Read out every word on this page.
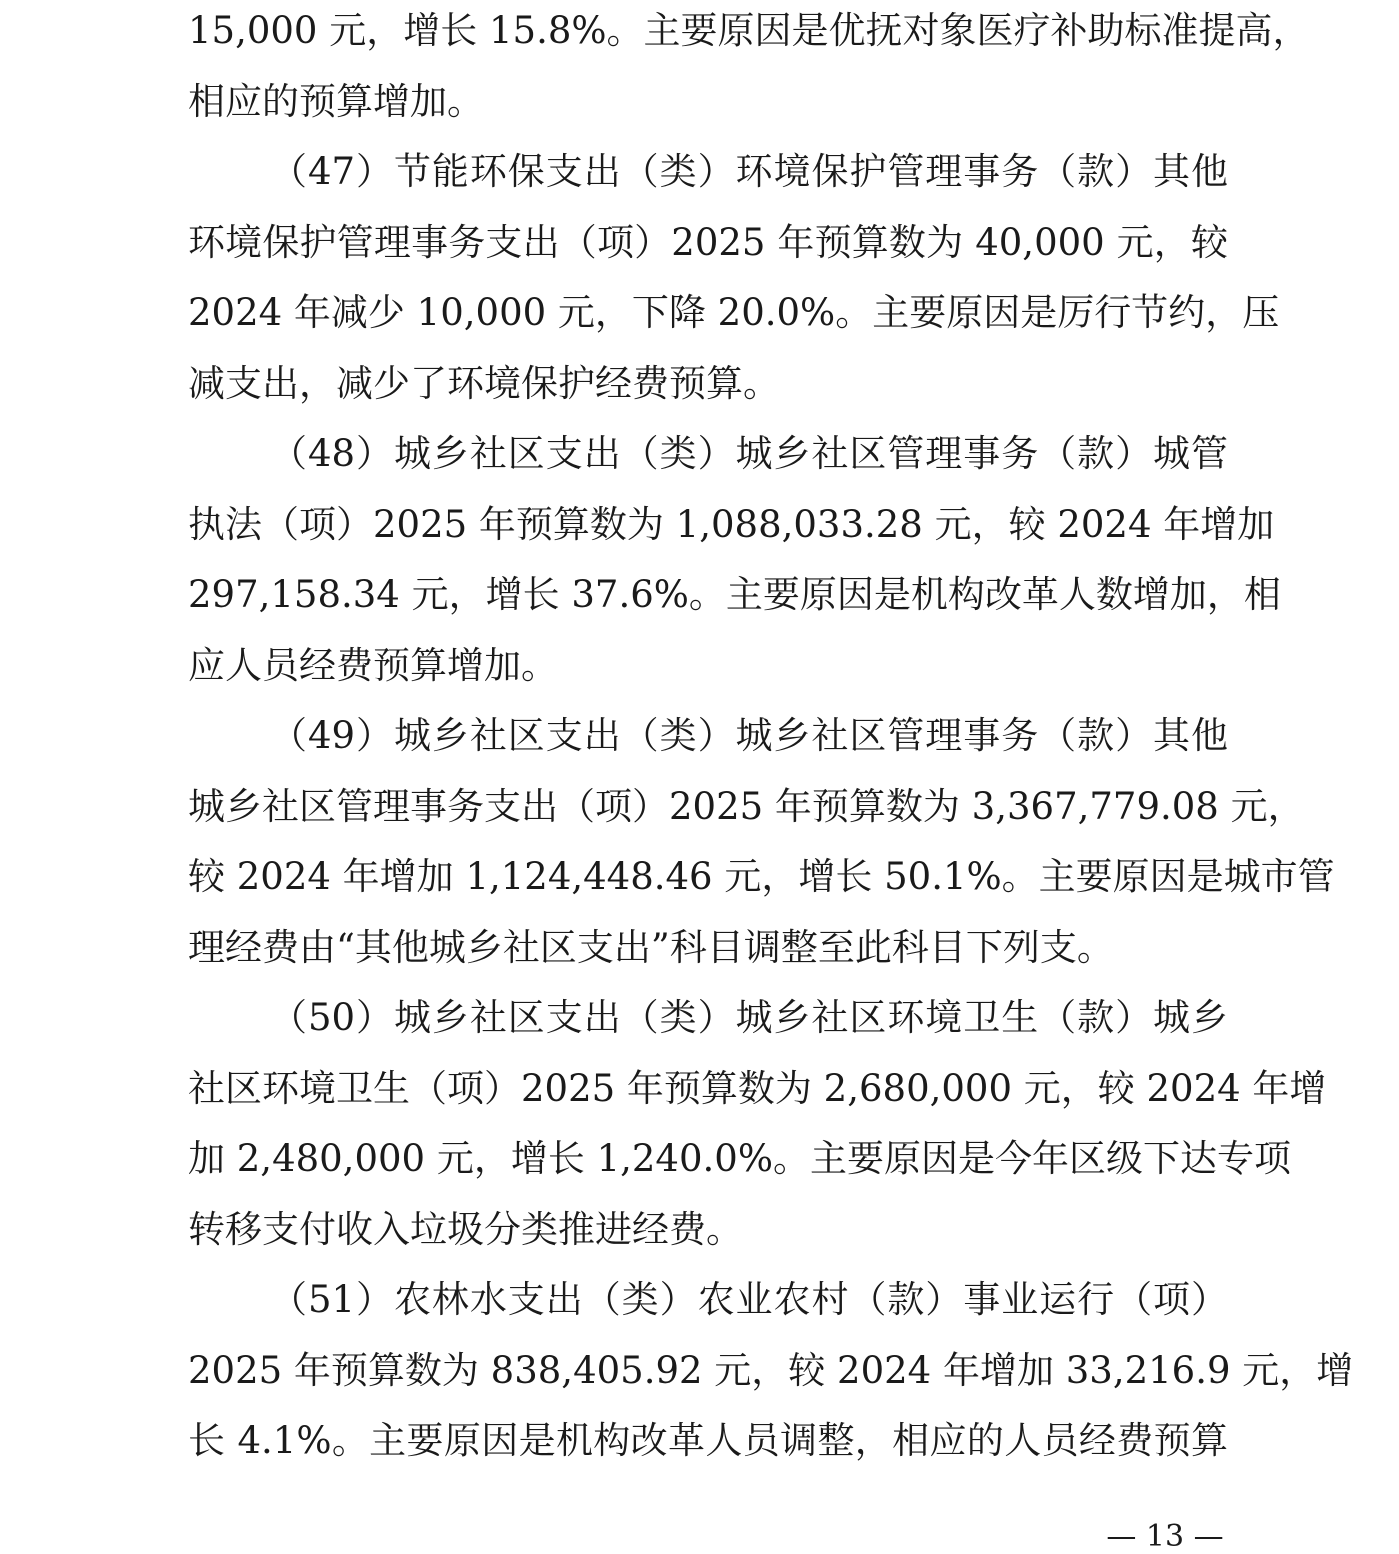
15,000 元，增长 15.8%。主要原因是优抚对象医疗补助标准提高，
相应的预算增加。
（47）节能环保支出（类）环境保护管理事务（款）其他
环境保护管理事务支出（项）2025 年预算数为 40,000 元，较
2024 年减少 10,000 元，下降 20.0%。主要原因是厉行节约，压
减支出，减少了环境保护经费预算。
（48）城乡社区支出（类）城乡社区管理事务（款）城管
执法（项）2025 年预算数为 1,088,033.28 元，较 2024 年增加
297,158.34 元，增长 37.6%。主要原因是机构改革人数增加，相
应人员经费预算增加。
（49）城乡社区支出（类）城乡社区管理事务（款）其他
城乡社区管理事务支出（项）2025 年预算数为 3,367,779.08 元，
较 2024 年增加 1,124,448.46 元，增长 50.1%。主要原因是城市管
理经费由“其他城乡社区支出”科目调整至此科目下列支。
（50）城乡社区支出（类）城乡社区环境卫生（款）城乡
社区环境卫生（项）2025 年预算数为 2,680,000 元，较 2024 年增
加 2,480,000 元，增长 1,240.0%。主要原因是今年区级下达专项
转移支付收入垃圾分类推进经费。
（51）农林水支出（类）农业农村（款）事业运行（项）
2025 年预算数为 838,405.92 元，较 2024 年增加 33,216.9 元，增
长 4.1%。主要原因是机构改革人员调整，相应的人员经费预算
— 13 —
